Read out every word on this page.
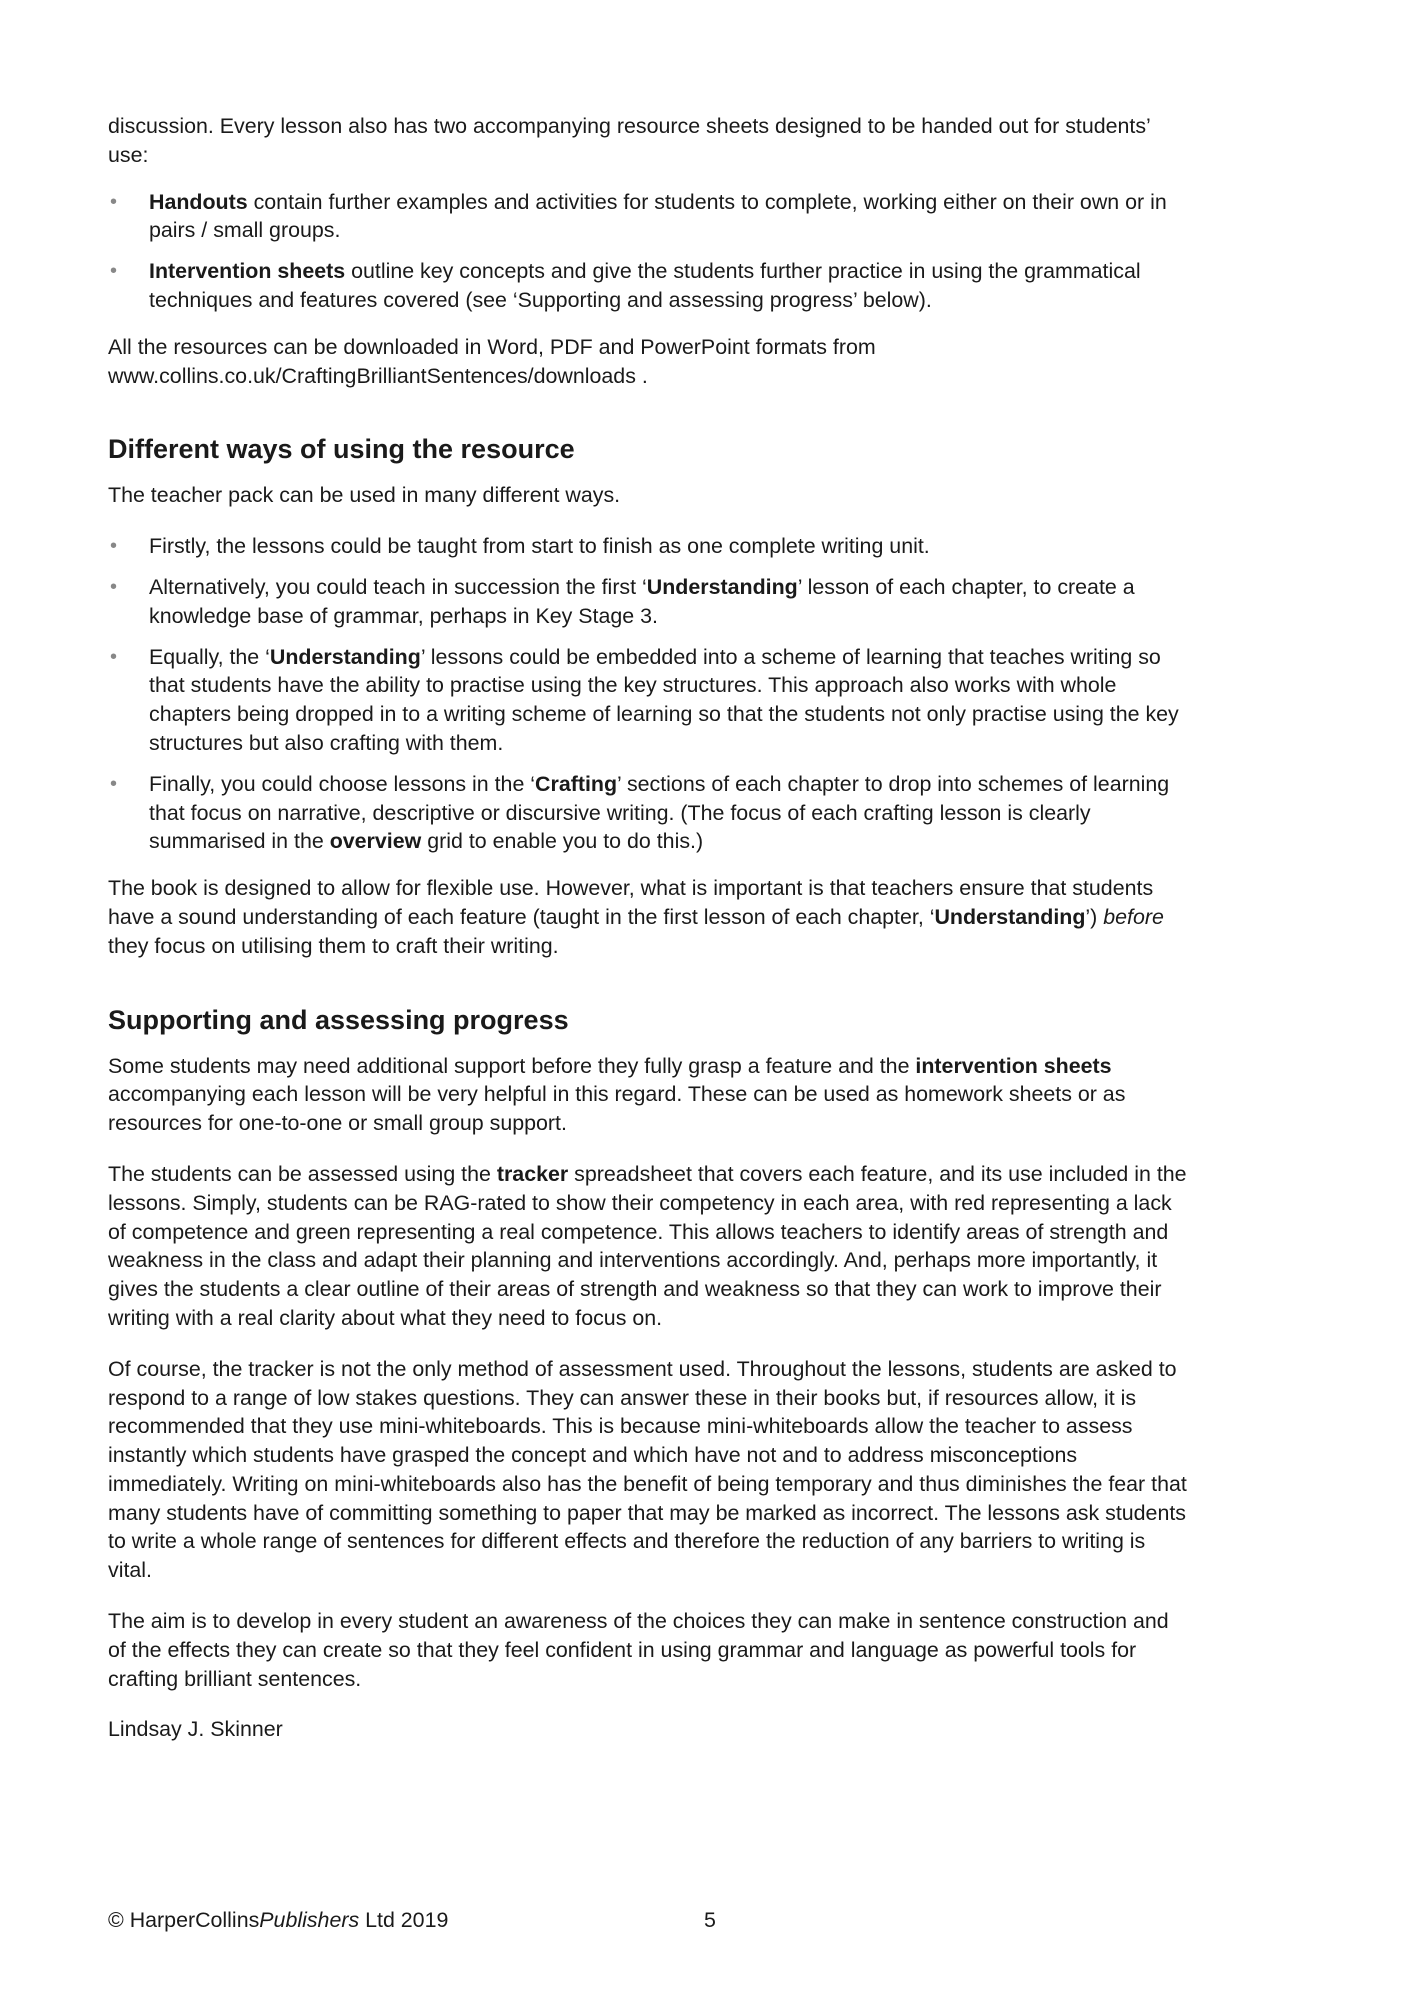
discussion. Every lesson also has two accompanying resource sheets designed to be handed out for students’ use:

• Handouts contain further examples and activities for students to complete, working either on their own or in pairs / small groups.
• Intervention sheets outline key concepts and give the students further practice in using the grammatical techniques and features covered (see ‘Supporting and assessing progress’ below).

All the resources can be downloaded in Word, PDF and PowerPoint formats from
www.collins.co.uk/CraftingBrilliantSentences/downloads .

Different ways of using the resource

The teacher pack can be used in many different ways.

• Firstly, the lessons could be taught from start to finish as one complete writing unit.
• Alternatively, you could teach in succession the first ‘Understanding’ lesson of each chapter, to create a knowledge base of grammar, perhaps in Key Stage 3.
• Equally, the ‘Understanding’ lessons could be embedded into a scheme of learning that teaches writing so that students have the ability to practise using the key structures. This approach also works with whole chapters being dropped in to a writing scheme of learning so that the students not only practise using the key structures but also crafting with them.
• Finally, you could choose lessons in the ‘Crafting’ sections of each chapter to drop into schemes of learning that focus on narrative, descriptive or discursive writing. (The focus of each crafting lesson is clearly summarised in the overview grid to enable you to do this.)

The book is designed to allow for flexible use. However, what is important is that teachers ensure that students have a sound understanding of each feature (taught in the first lesson of each chapter, ‘Understanding’) before they focus on utilising them to craft their writing.

Supporting and assessing progress

Some students may need additional support before they fully grasp a feature and the intervention sheets accompanying each lesson will be very helpful in this regard. These can be used as homework sheets or as resources for one-to-one or small group support.

The students can be assessed using the tracker spreadsheet that covers each feature, and its use included in the lessons. Simply, students can be RAG-rated to show their competency in each area, with red representing a lack of competence and green representing a real competence. This allows teachers to identify areas of strength and weakness in the class and adapt their planning and interventions accordingly. And, perhaps more importantly, it gives the students a clear outline of their areas of strength and weakness so that they can work to improve their writing with a real clarity about what they need to focus on.

Of course, the tracker is not the only method of assessment used. Throughout the lessons, students are asked to respond to a range of low stakes questions. They can answer these in their books but, if resources allow, it is recommended that they use mini-whiteboards. This is because mini-whiteboards allow the teacher to assess instantly which students have grasped the concept and which have not and to address misconceptions immediately. Writing on mini-whiteboards also has the benefit of being temporary and thus diminishes the fear that many students have of committing something to paper that may be marked as incorrect. The lessons ask students to write a whole range of sentences for different effects and therefore the reduction of any barriers to writing is vital.

The aim is to develop in every student an awareness of the choices they can make in sentence construction and of the effects they can create so that they feel confident in using grammar and language as powerful tools for crafting brilliant sentences.

Lindsay J. Skinner

© HarperCollinsPublishers Ltd 2019	5
